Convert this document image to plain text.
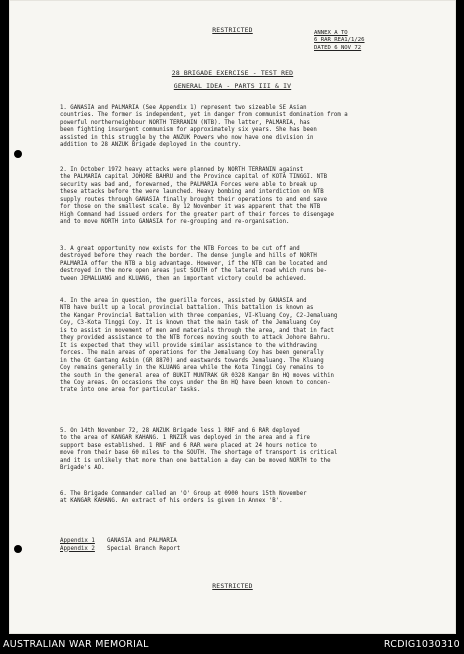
RESTRICTED	ANNEX A TO
6 RAR REA1/1/26
DATED 6 NOV 72
28 BRIGADE EXERCISE - TEST RED
GENERAL IDEA - PARTS III & IV

1. GANASIA and PALMARIA (See Appendix 1) represent two sizeable SE Asian
countries. The former is independent, yet in danger from communist domination from a
powerful northerneighbour NORTH TERRANIN (NTB). The latter, PALMARIA, has
been fighting insurgent communism for approximately six years. She has been
assisted in this struggle by the ANZUK Powers who now have one division in
addition to 28 ANZUK Brigade deployed in the country.

2. In October 1972 heavy attacks were planned by NORTH TERRANIN against
the PALMARIA capital JOHORE BAHRU and the Province capital of KOTA TINGGI. NTB
security was bad and, forewarned, the PALMARIA Forces were able to break up
these attacks before the were launched. Heavy bombing and interdiction on NTB
supply routes through GANASIA finally brought their operations to and end save
for those on the smallest scale. By 12 November it was apparent that the NTB
High Command had issued orders for the greater part of their forces to disengage
and to move NORTH into GANASIA for re-grouping and re-organisation.

3. A great opportunity now exists for the NTB Forces to be cut off and
destroyed before they reach the border. The dense jungle and hills of NORTH
PALMARIA offer the NTB a big advantage. However, if the NTB can be located and
destroyed in the more open areas just SOUTH of the lateral road which runs be-
tween JEMALUANG and KLUANG, then an important victory could be achieved.

4. In the area in question, the guerilla forces, assisted by GANASIA and
NTB have built up a local provincial battalion. This battalion is known as
the Kangar Provincial Battalion with three companies, VI-Kluang Coy, C2-Jemaluang
Coy, C3-Kota Tinggi Coy. It is known that the main task of the Jemaluang Coy
is to assist in movement of men and materials through the area, and that in fact
they provided assistance to the NTB forces moving south to attack Johore Bahru.
It is expected that they will provide similar assistance to the withdrawing
forces. The main areas of operations for the Jemaluang Coy has been generally
in the Gt Gantang Asbin (GR 8870) and eastwards towards Jemaluang. The Kluang
Coy remains generally in the KLUANG area while the Kota Tinggi Coy remains to
the south in the general area of BUKIT MUNTRAK GR 0328 Kangar Bn HQ moves within
the Coy areas. On occasions the coys under the Bn HQ have been known to concen-
trate into one area for particular tasks.

5. On 14th November 72, 28 ANZUK Brigade less 1 RNF and 6 RAR deployed
to the area of KANGAR KAHANG. 1 RNZIR was deployed in the area and a fire
support base established. 1 RNF and 6 RAR were placed at 24 hours notice to
move from their base 60 miles to the SOUTH. The shortage of transport is critical
and it is unlikely that more than one battalion a day can be moved NORTH to the
Brigade's AO.

6. The Brigade Commander called an 'O' Group at 0900 hours 15th November
at KANGAR KAHANG. An extract of his orders is given in Annex 'B'.

Appendix 1	GANASIA and PALMARIA
Appendix 2	Special Branch Report
RESTRICTED
AUSTRALIAN WAR MEMORIAL	RCDIG1030310
